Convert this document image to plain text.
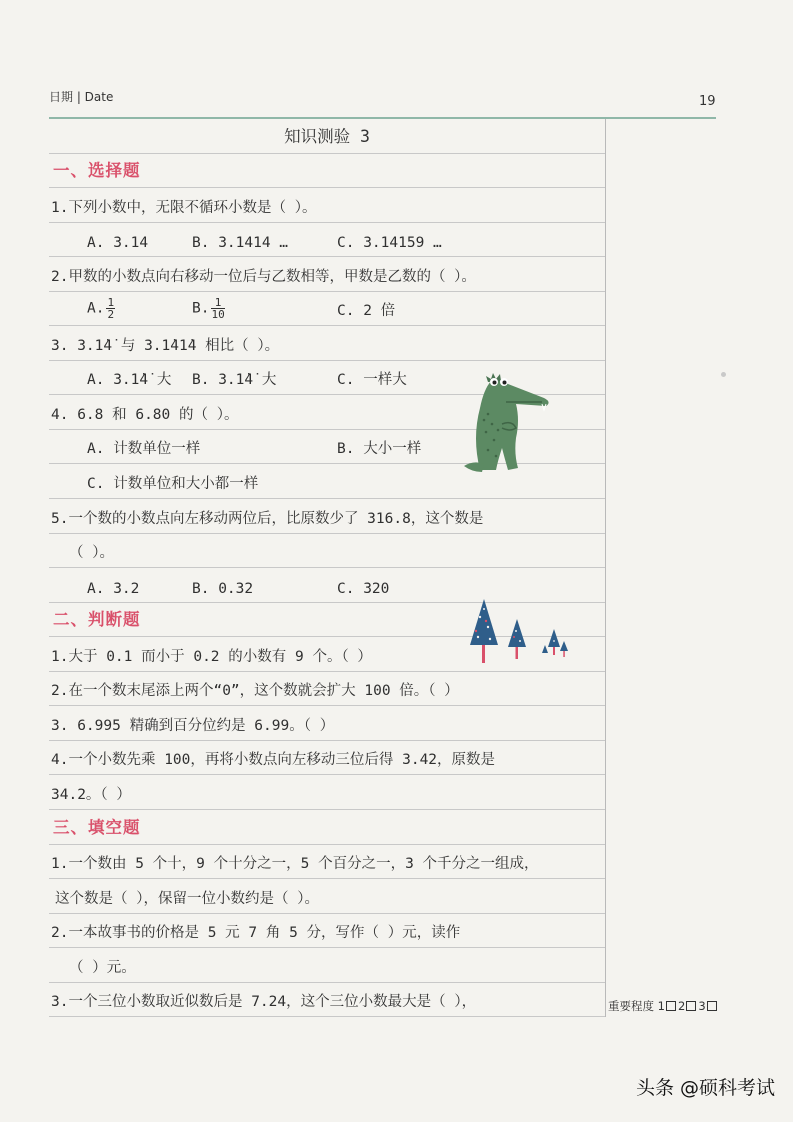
日期 | Date	19
知识测验 3
一、选择题
1.下列小数中，无限不循环小数是（ ）。
A. 3.14	B. 3.1414 …	C. 3.14159 …
2.甲数的小数点向右移动一位后与乙数相等，甲数是乙数的（ ）。
A. $\frac{1}{2}$	B. $\frac{1}{10}$	C. 2 倍
3. 3.1̇4̇ 与 3.1̇41̇4 相比（ ）。
A. 3.1̇4̇ 大 B. 3.1̇4̇ 大	C. 一样大
4. 6.8 和 6.80 的（ ）。
A. 计数单位一样	B. 大小一样
C. 计数单位和大小都一样
5.一个数的小数点向左移动两位后，比原数少了 316.8，这个数是
（ ）。
A. 3.2	B. 0.32	C. 320
二、判断题
1.大于 0.1 而小于 0.2 的小数有 9 个。（ ）
2.在一个数末尾添上两个“0”，这个数就会扩大 100 倍。（ ）
3. 6.995 精确到百分位约是 6.99。（ ）
4.一个小数先乘 100，再将小数点向左移动三位后得 3.42，原数是
34.2。（ ）
三、填空题
1.一个数由 5 个十，9 个十分之一，5 个百分之一，3 个千分之一组成，
这个数是（ ），保留一位小数约是（ ）。
2.一本故事书的价格是 5 元 7 角 5 分，写作（ ）元，读作
（ ）元。
3.一个三位小数取近似数后是 7.24，这个三位小数最大是（ ），	重要程度 1 2 3
头条 @硕科考试
